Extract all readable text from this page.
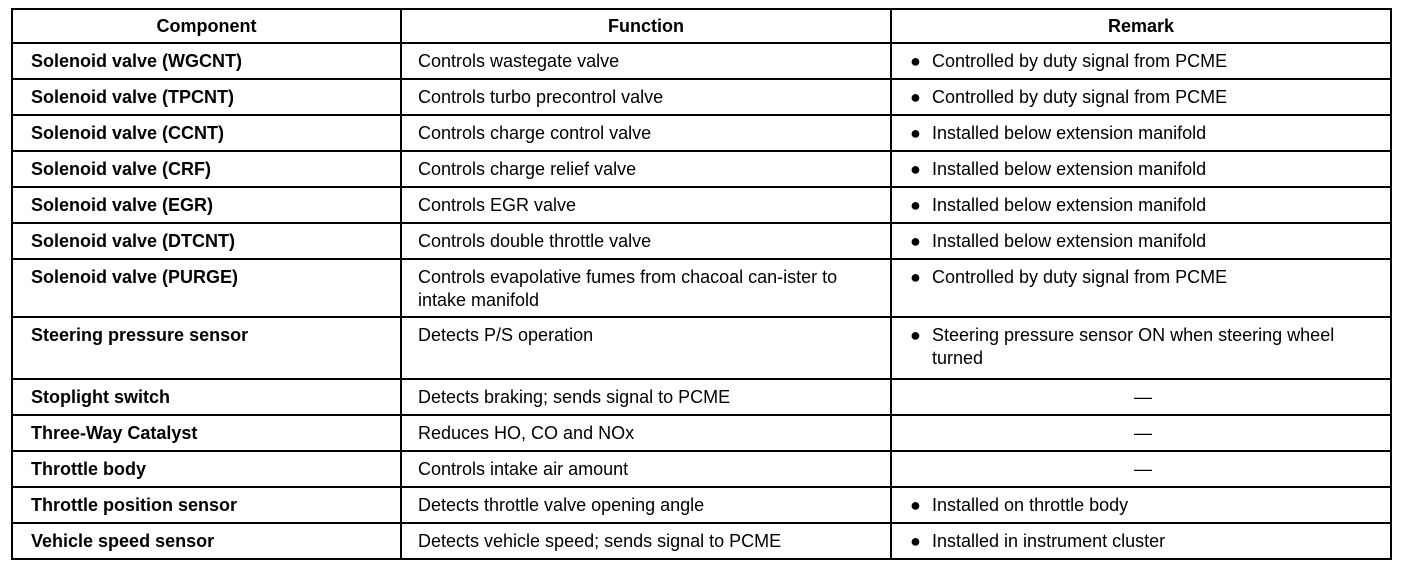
Component	Function	Remark
Solenoid valve (WGCNT)	Controls wastegate valve	● Controlled by duty signal from PCME

Solenoid valve (TPCNT)	Controls turbo precontrol valve	● Controlled by duty signal from PCME

Solenoid valve (CCNT)	Controls charge control valve	● Installed below extension manifold

Solenoid valve (CRF)	Controls charge relief valve	● Installed below extension manifold

Solenoid valve (EGR)	Controls EGR valve	● Installed below extension manifold

Solenoid valve (DTCNT)	Controls double throttle valve	● Installed below extension manifold

Solenoid valve (PURGE)	Controls evapolative fumes from chacoal can-ister to intake manifold	● Controlled by duty signal from PCME

Steering pressure sensor	Detects P/S operation	● Steering pressure sensor ON when steering wheel turned

Stoplight switch	Detects braking; sends signal to PCME	—
Three-Way Catalyst	Reduces HO, CO and NOx	—
Throttle body	Controls intake air amount	—
Throttle position sensor	Detects throttle valve opening angle	● Installed on throttle body

Vehicle speed sensor	Detects vehicle speed; sends signal to PCME	● Installed in instrument cluster
